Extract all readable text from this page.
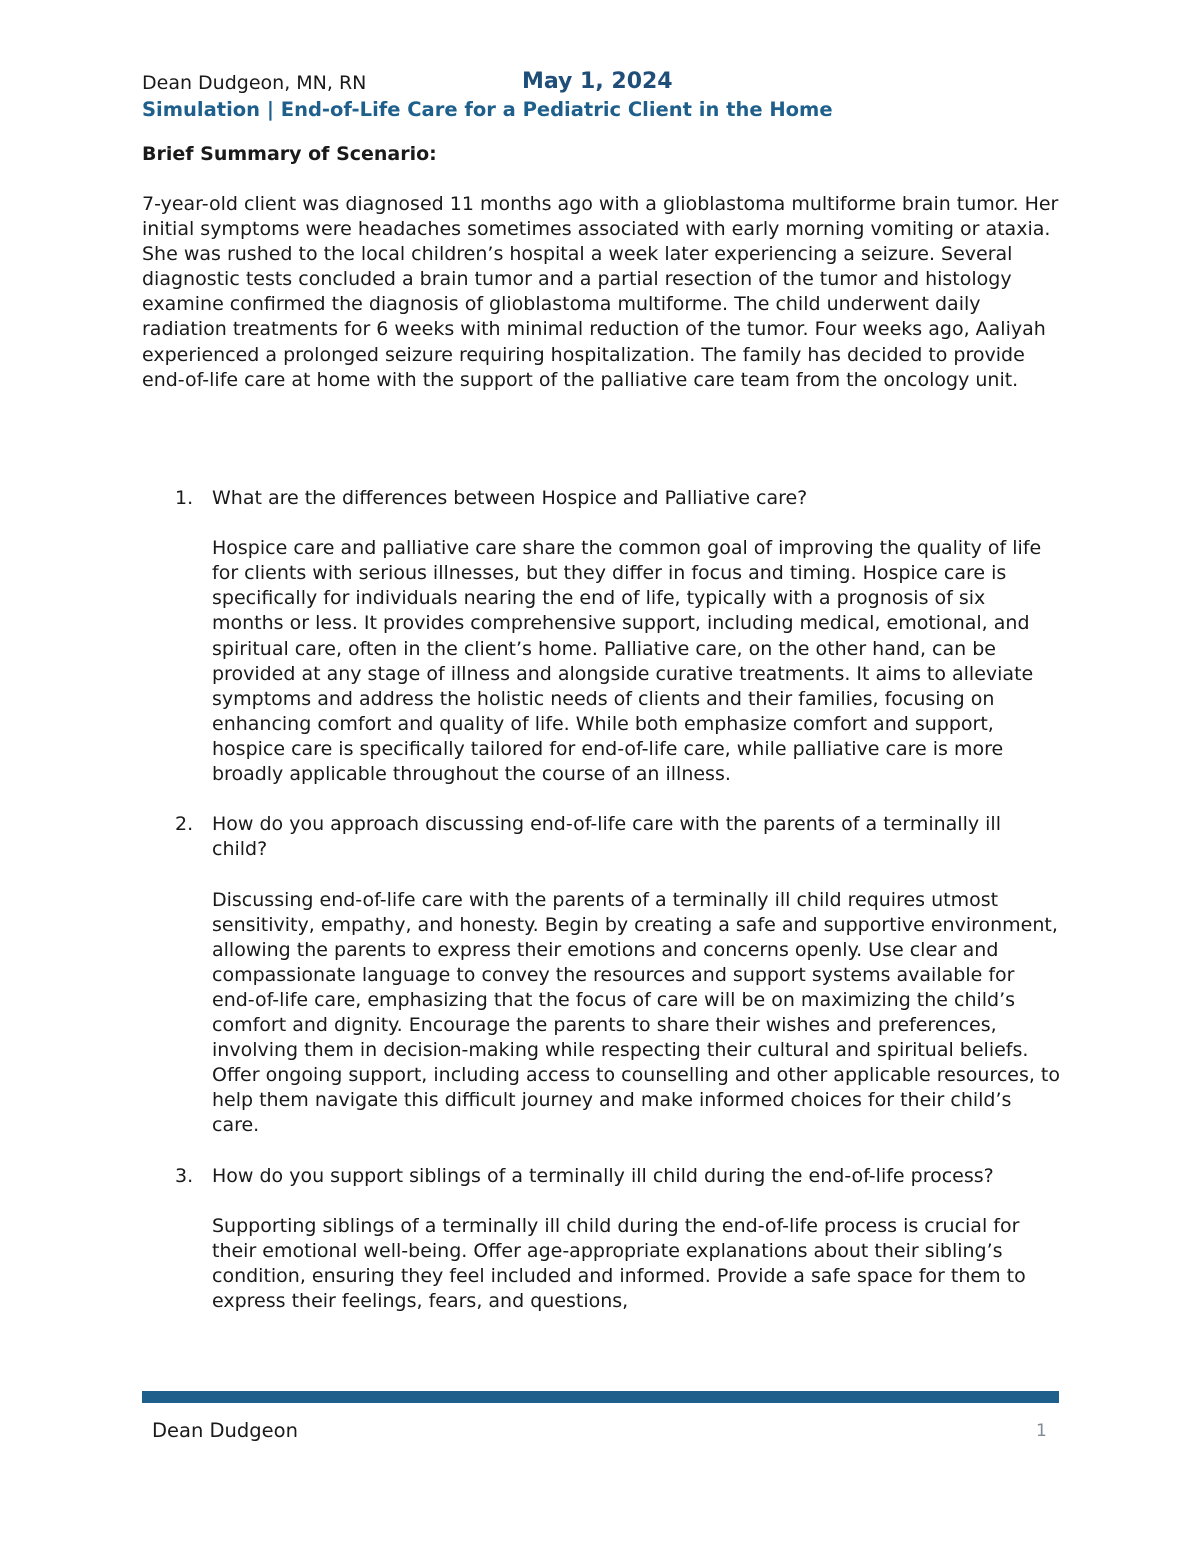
Dean Dudgeon, MN, RN	May 1, 2024
Simulation | End-of-Life Care for a Pediatric Client in the Home
Brief Summary of Scenario:

7-year-old client was diagnosed 11 months ago with a glioblastoma multiforme brain tumor. Her initial symptoms were headaches sometimes associated with early morning vomiting or ataxia. She was rushed to the local children’s hospital a week later experiencing a seizure. Several diagnostic tests concluded a brain tumor and a partial resection of the tumor and histology examine confirmed the diagnosis of glioblastoma multiforme. The child underwent daily radiation treatments for 6 weeks with minimal reduction of the tumor. Four weeks ago, Aaliyah experienced a prolonged seizure requiring hospitalization. The family has decided to provide end-of-life care at home with the support of the palliative care team from the oncology unit.

1. What are the differences between Hospice and Palliative care?

Hospice care and palliative care share the common goal of improving the quality of life for clients with serious illnesses, but they differ in focus and timing. Hospice care is specifically for individuals nearing the end of life, typically with a prognosis of six months or less. It provides comprehensive support, including medical, emotional, and spiritual care, often in the client’s home. Palliative care, on the other hand, can be provided at any stage of illness and alongside curative treatments. It aims to alleviate symptoms and address the holistic needs of clients and their families, focusing on enhancing comfort and quality of life. While both emphasize comfort and support, hospice care is specifically tailored for end-of-life care, while palliative care is more broadly applicable throughout the course of an illness.

2. How do you approach discussing end-of-life care with the parents of a terminally ill child?

Discussing end-of-life care with the parents of a terminally ill child requires utmost sensitivity, empathy, and honesty. Begin by creating a safe and supportive environment, allowing the parents to express their emotions and concerns openly. Use clear and compassionate language to convey the resources and support systems available for end-of-life care, emphasizing that the focus of care will be on maximizing the child’s comfort and dignity. Encourage the parents to share their wishes and preferences, involving them in decision-making while respecting their cultural and spiritual beliefs. Offer ongoing support, including access to counselling and other applicable resources, to help them navigate this difficult journey and make informed choices for their child’s care.

3. How do you support siblings of a terminally ill child during the end-of-life process?

Supporting siblings of a terminally ill child during the end-of-life process is crucial for their emotional well-being. Offer age-appropriate explanations about their sibling’s condition, ensuring they feel included and informed. Provide a safe space for them to express their feelings, fears, and questions,

Dean Dudgeon	1
